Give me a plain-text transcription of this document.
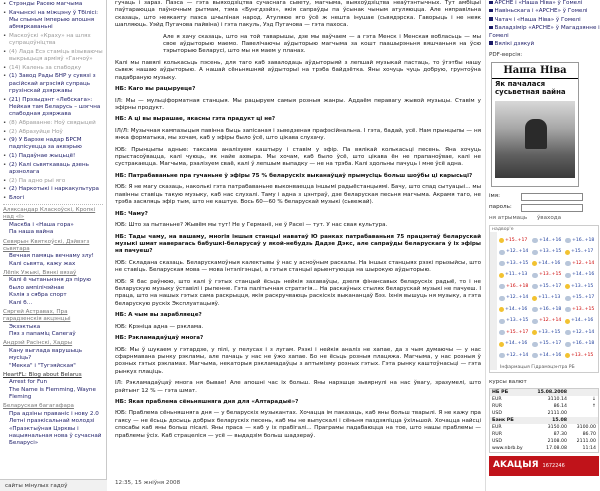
• Стрэнды Расею магчыма
• Качынскі на міжцэну ў Тбілісі: Мы спыньм імперыю апошня абмяркаваньні
• Маскоўскі «Краху» на шлях супрацоўніцтва
• (4) Лада Есэ стаміць візываючы выкрыцьця арміяў «Ганчоў»
• (14) Калень за спабодку
• (1) Завод Рады БНР у сувязі з расійскай агрэсіяй супраць грузінскай дзяржавы
• (21) Прэзыдэнт «Лебскага»: Нейкая там Беларусь – шэгчна спабодная дзяржава
• (8) Абраванне: Ноў свядыцей
• (2) Абразуйце Ноў
• (9) У Барэзе надар БРСМ падпісуецца за аквэрыю
• (1) Падаўнае жыцьцё!
• (2) Калі сьвяткаваць дзень арзнолага
• (2) Па адно рыі яго
• (2) Наркотыкі і наркакультура
• Блогі
Аляксандар Класкоўскі, Кропкі над «І»
Маскба і «Наша гора»
Па наша вайна
Севярын Квяткоўскі, Дэйвэгз сьвятара
Вечная памяць вечнаму злу!
Калі сьвята, кажу жах
Лёпік Ужыкі, Вянкі вязаў
Калі ё чытаньнэня дэ пірую было ампілічэйнае
Кэлія з сябра спорт
Калі б...
Сяргей Астравах, Пра гарадзенскія акцэнцыі
Экзэктыка
Пяз з папаміц Сапегаў
Андрэй Расінскі, Хадры
Кану выглада варушыць мусіць?
"Мекка" і "Тугэяйская"
HeartFL: Blog about Belarus
Arrest for Fun
The Name is Flemming, Wayne Fleming
Беларуская багагафара
Пра адзіны праваніс і нову 2.0
Летні праэкісальнай молодзі «Праэктыўная Цэрквы і нацыянальная нова ў сучаснай Беларусі»
сайты мінулых гадоў

гучаць і зараз. Паэса — гэта выяходзіцтва сучаснага сьвету, магчыма, выяхоўдзіцтва неаўтэнтычных. Тут амбіцыі паўтараюцца паўночным рытмам, тэма «Бунгдзэйз», якія сапраўды па ўсынак чыным атуляюцца. Але няправільна сказаць, што неякаяту паэса шчыліная народ. Атуляюе яго ўсё ж нешта інушае (сьвядэрска. Гаворыць і не неяк шапляюць. Уэйд Пугачова пайвіна) і гэта пакуль, Уэд Пугачова — гэта пахоса.

Але я хачу сказаць, што на той таварышы, дзе мы ваўчаем — а гэта Менск і Менская вобласьць — мы свое аўдыторыю маемо. Павелічаючы аўдыторыю магчыма за кошт паашырэньня вяшчаньня на ўсю тэрыторыю Беларусі, што мы ня маем у планах.

Калі мы павялі колькасьць пэсень, для таго каб завалодаць аўдыторыяй з лепшай музыкай пастаць, то ўгэтбы нашу сьвеж нашаю аўдыторыю. А нашай сёньняшняй аўдыторыі на трэба байдзётка. Яны хочуць чуць добрую, грунтоўна падабраную музыку.

НБ: Каго вы рацыруеце?

ІЛ: Мы — мульціформатная станцыя. Мы рацыруем самыя розныя жанры. Аддаём перавагу жывой музыцы. Ставім у эфірны продукт.

НБ: А ці вы вырашае, якасны гэта прадукт ці не?

ІЛ/Л: Музычная кампазыцыя павінна быць запісаная і зьведзеная прафэсійнальна. І гэта, бадай, усё. Нам прынцыпы — ня янка форматыка, мы хочам, каб у эфіры было ўсё, што цікава слухачу.

ЮБ: Прынцыпы адные: таксама аналізуем каштыру і ставім у эфір. Па вялікай колькасьці песень. Яна хочуць прыстасоўвацца, калі чуюць, як найе ахвыра. Мы хочам, каб было ўсё, што цікава ён не прапаноўвае, калі не сустракаецца. Магчыма, рэалізуем сваё, калі ў лепшым выпадку — не на трэба. Калі здольны пачуць і мне ўсё адна.

НБ: Патрабаваньне пра гучаньне ў эфіры 75 % беларускіх выканаўцаў прымусіць больш шоўбы ці карысьці?

ЮБ: Я не магу сказаць, наколькі гэта патрабаваньне выконваецца іншымі радыёстанцыямі. Бачу, што спад сытуацыі... мы павінны ставіць такую музыку, каб нас слухалі. Таму і адна з цэнтраў, дзе беларуская песьня магчыма. Акрамя таго, не трэба засяляць эфір тым, што не каштуе. Вось 60—60 % беларускай музыкі (сьвежай).

НБ: Чаму?

ЮБ: Што за пытаньне? Жывём мы тут! Не у Германіі, не ў Расеі — тут. У нас свая культура.

НБ: Тады чаму, на вашаму, многія іншыя станцыі наватаў Ю ранках патрабаваньня 75 працэнтаў беларускай музыкі шмат наверагась бабушкі-беларусаў у якой-небудзь Дадзе Дэкс, але сапраўды беларускага ў іх эфіры ня пачуеш?

ЮБ: Складана сказаць. Беларускамоўныя калектывы ў нас у асноўным раскалы. На іншых станцыях рэзкі прызыйсы, што не ставіць. Беларуская мова — мова інтэлігэнцыі, а гэтыя станцыі арыентуюцца на шырокую аўдыторыю.

ЮБ: Я бас раўнюю, што калі ў гэтых станцый ёсьць нейкія захаваўцы, дзеля фінансавых беларускіх радыё, то і не беларускую музыку ўставілі і рыпенне. Гэта палітычная стратэгія... На раскаўных стылях беларускай музыкі не пачуеш. І праца, што на нашых гэтых сама раскрыцця, якія раскручваюць раскіскіх выкананцаў Бэз. Іхнія вышуць ня музыку, а гэта беларускую рускіх Эксплуатацыяў.

НБ: А чым вы зарабляеце?

ЮБ: Крэніца адна — рэклама.

НБ: Рэкламадаўцаў многа?

ЮБ: Мы ў шукаем у гэтардзе, у пілі, у пелусах і з лугам. Рэзкі і нейкія аналіз не хапае, да з чым думаючы — у нас сфарнмавана рынку рэкламы, але пачаць у нас не ўжо хапае. Бо не ёсьць розныя плацяжа. Магчыма, у нас розныя ў розных гэтых рэкламах. Магчыма, некаторыя рэкламадаўцы з аптымізму розных гэтых. Гэта рынку каштоўнасьці — гэта рынкух плаціць.

ІЛ: Рэкламадаўцаў многа ня бывае! Але апошні час іх больш. Яны нарэшце зьвярнулі на нас ўвагу, зразумелі, што рэйтынг 12 % — гэта шмат.

НБ: Якая праблема сёньняшняга дня для «Алтарадыё»?

ЮБ: Праблема сёньняшняга дня — у беларускіх музыкантах. Хочацца ім паказаць, каб яны больш тварылі. Я не кажу пра гаясу — не ёсьць досыць добрых беларускіх песень, каб мы не выпускалі і сёньня паздзяліцца ўхільшой. Хочацца найсці спосабы каб яны больш пісалі. Яны праса — каб у іх прабігалі... Праграмы падабаюцца на тое, што нашы праблемы — праблемы ўсіх. Каб страцеліся — усё — выдадзім больш шадзераў.

12:35, 15 жніўня 2008
АРСНЕ і «Наша Ніва» ў Гомелі
Навіньскага і «АРСНЕ» ў Гомелі
Чатач і «Наша Ніва» ў Гомелі
Валадзімір «АРСНЕ» ў Магадзянне і Гомелі
Вялікі дзякуй
PDF-версія:
Наша Ніва
Як пачалася сусьветная вайна
імя:
пароль:
ня атрымаць ўвахода
надвор'е
+15..+17	+14..+16 +16..+18
+12..+14 +13..+15 +15..+17
+13..+15 +14..+16	+12..+14
+11..+13	+13..+15 +14..+16
+16..+18 +15..+17 +13..+15
+12..+14 +11..+13	+15..+17
+14..+16	+16..+18 +13..+15
+13..+15 +12..+14 +14..+16
+15..+17 +13..+15	+12..+14
+14..+16	+15..+17 +16..+18
+12..+14 +14..+16 +13..+15
Інфармацыя Гідрамэцэнтра РБ
курсы валют
НБ РБ	15.08.2008
EUR	3110.14	↓
RUR	86.14	↑
USD	2111.00
Банк РБ	15.08
EUR	3150.00 3100.00
RUR	87.30	86.70
USD	2108.00 2111.00
www.nbrb.by	17.08.08	11:14
AKAЦЫЯ 1672246
